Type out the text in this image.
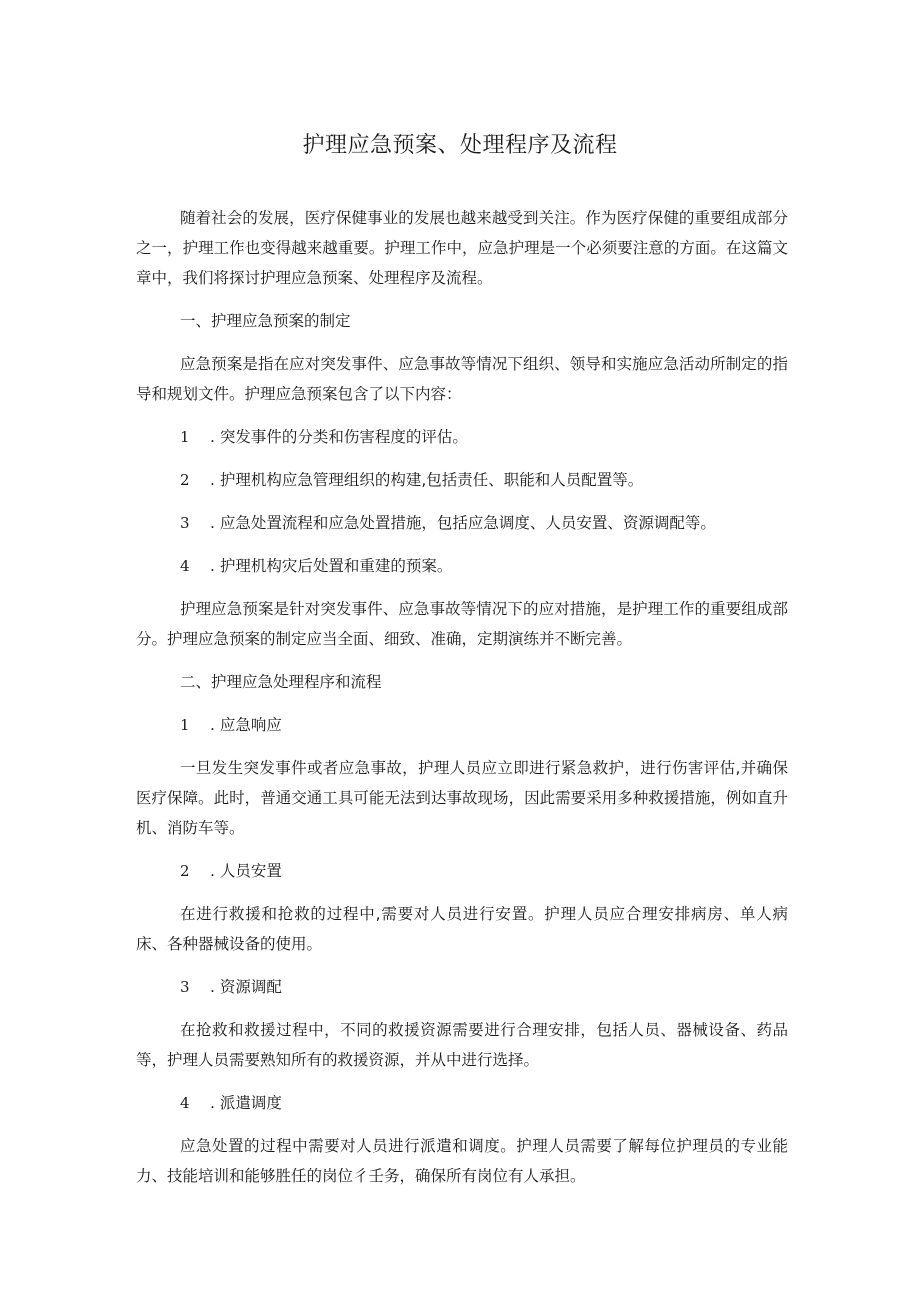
护理应急预案、处理程序及流程

随着社会的发展，医疗保健事业的发展也越来越受到关注。作为医疗保健的重要组成部分之一，护理工作也变得越来越重要。护理工作中，应急护理是一个必须要注意的方面。在这篇文章中，我们将探讨护理应急预案、处理程序及流程。

一、护理应急预案的制定

应急预案是指在应对突发事件、应急事故等情况下组织、领导和实施应急活动所制定的指导和规划文件。护理应急预案包含了以下内容：

1 . 突发事件的分类和伤害程度的评估。

2 . 护理机构应急管理组织的构建,包括责任、职能和人员配置等。

3 . 应急处置流程和应急处置措施，包括应急调度、人员安置、资源调配等。

4 . 护理机构灾后处置和重建的预案。

护理应急预案是针对突发事件、应急事故等情况下的应对措施，是护理工作的重要组成部分。护理应急预案的制定应当全面、细致、准确，定期演练并不断完善。

二、护理应急处理程序和流程

1 . 应急响应

一旦发生突发事件或者应急事故，护理人员应立即进行紧急救护，进行伤害评估,并确保医疗保障。此时，普通交通工具可能无法到达事故现场，因此需要采用多种救援措施，例如直升机、消防车等。

2 . 人员安置

在进行救援和抢救的过程中,需要对人员进行安置。护理人员应合理安排病房、单人病床、各种器械设备的使用。

3 . 资源调配

在抢救和救援过程中，不同的救援资源需要进行合理安排，包括人员、器械设备、药品等，护理人员需要熟知所有的救援资源，并从中进行选择。

4 . 派遣调度

应急处置的过程中需要对人员进行派遣和调度。护理人员需要了解每位护理员的专业能力、技能培训和能够胜任的岗位彳壬务，确保所有岗位有人承担。
